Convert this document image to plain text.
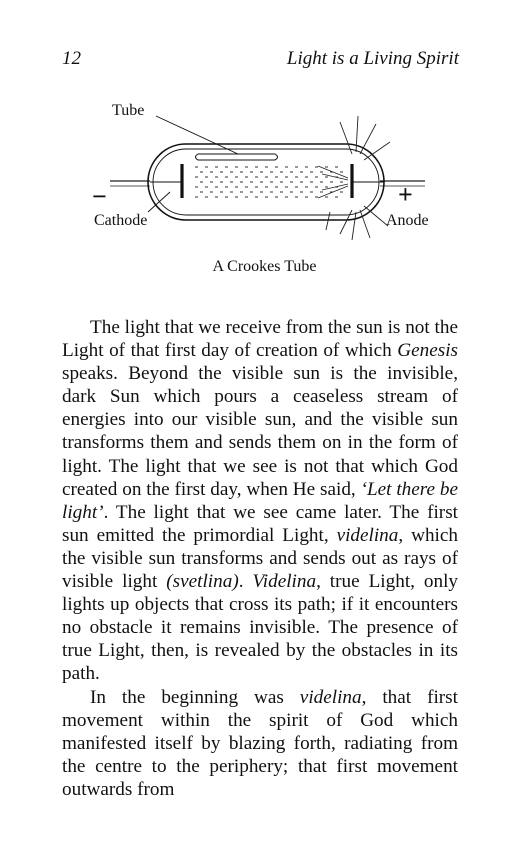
12	Light is a Living Spirit
Tube
−	+
Cathode	Anode
A Crookes Tube

The light that we receive from the sun is not the Light of that first day of creation of which Genesis speaks. Beyond the visible sun is the invisible, dark Sun which pours a ceaseless stream of energies into our visible sun, and the visible sun transforms them and sends them on in the form of light. The light that we see is not that which God created on the first day, when He said, ‘Let there be light’. The light that we see came later. The first sun emitted the primordial Light, videlina, which the visible sun transforms and sends out as rays of visible light (svetlina). Videlina, true Light, only lights up objects that cross its path; if it encounters no obstacle it remains invisible. The presence of true Light, then, is revealed by the obstacles in its path.

In the beginning was videlina, that first movement within the spirit of God which manifested itself by blazing forth, radiating from the centre to the periphery; that first movement outwards from
